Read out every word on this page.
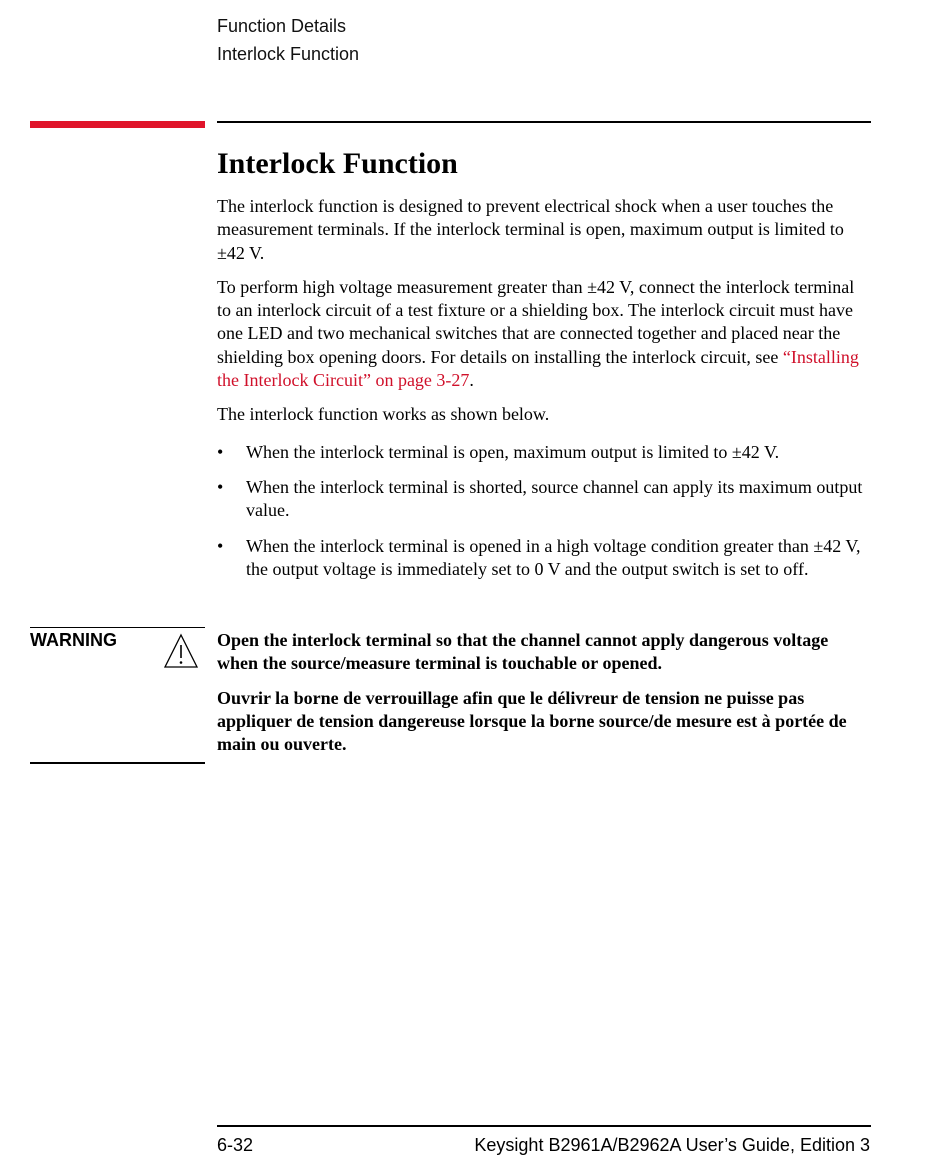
Function Details
Interlock Function
Interlock Function

The interlock function is designed to prevent electrical shock when a user touches the measurement terminals. If the interlock terminal is open, maximum output is limited to ±42 V.

To perform high voltage measurement greater than ±42 V, connect the interlock terminal to an interlock circuit of a test fixture or a shielding box. The interlock circuit must have one LED and two mechanical switches that are connected together and placed near the shielding box opening doors. For details on installing the interlock circuit, see “Installing the Interlock Circuit” on page 3-27.

The interlock function works as shown below.

• When the interlock terminal is open, maximum output is limited to ±42 V.
• When the interlock terminal is shorted, source channel can apply its maximum output value.
• When the interlock terminal is opened in a high voltage condition greater than ±42 V, the output voltage is immediately set to 0 V and the output switch is set to off.
WARNING	Open the interlock terminal so that the channel cannot apply dangerous voltage when the source/measure terminal is touchable or opened.

Ouvrir la borne de verrouillage afin que le délivreur de tension ne puisse pas appliquer de tension dangereuse lorsque la borne source/de mesure est à portée de main ou ouverte.

6-32	Keysight B2961A/B2962A User’s Guide, Edition 3
